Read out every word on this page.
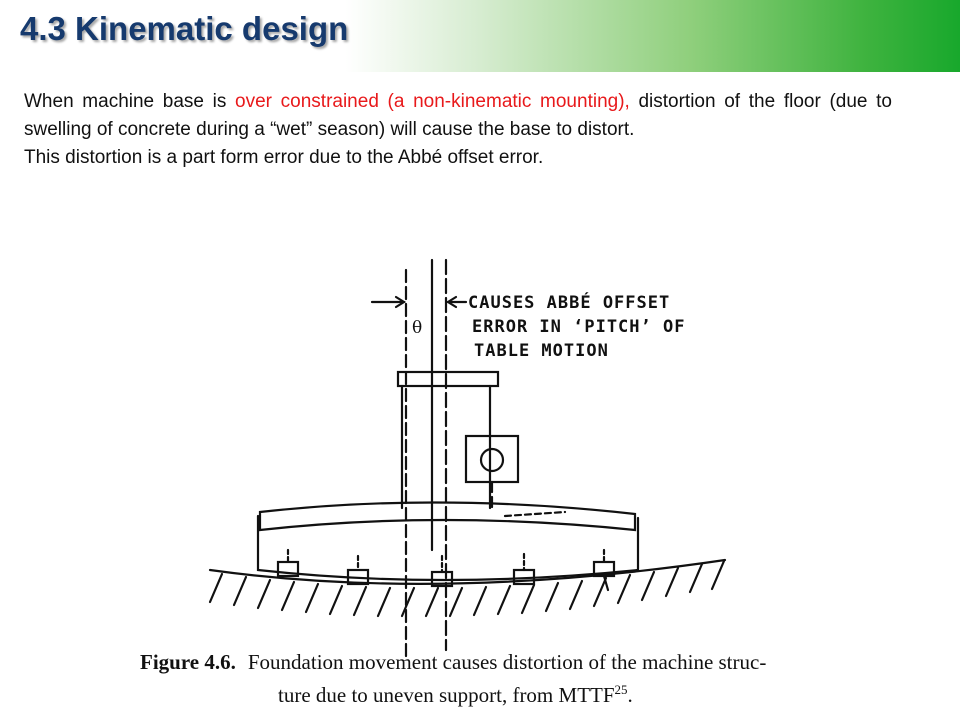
4.3 Kinematic design

When machine base is over constrained (a non-kinematic mounting), distortion of the floor (due to swelling of concrete during a “wet” season) will cause the base to distort.

This distortion is a part form error due to the Abbé offset error.

θ
CAUSES ABBÉ OFFSET
ERROR IN ‘PITCH’ OF
TABLE MOTION
Figure 4.6. Foundation movement causes distortion of the machine struc-
ture due to uneven support, from MTTF$^{25}$.
